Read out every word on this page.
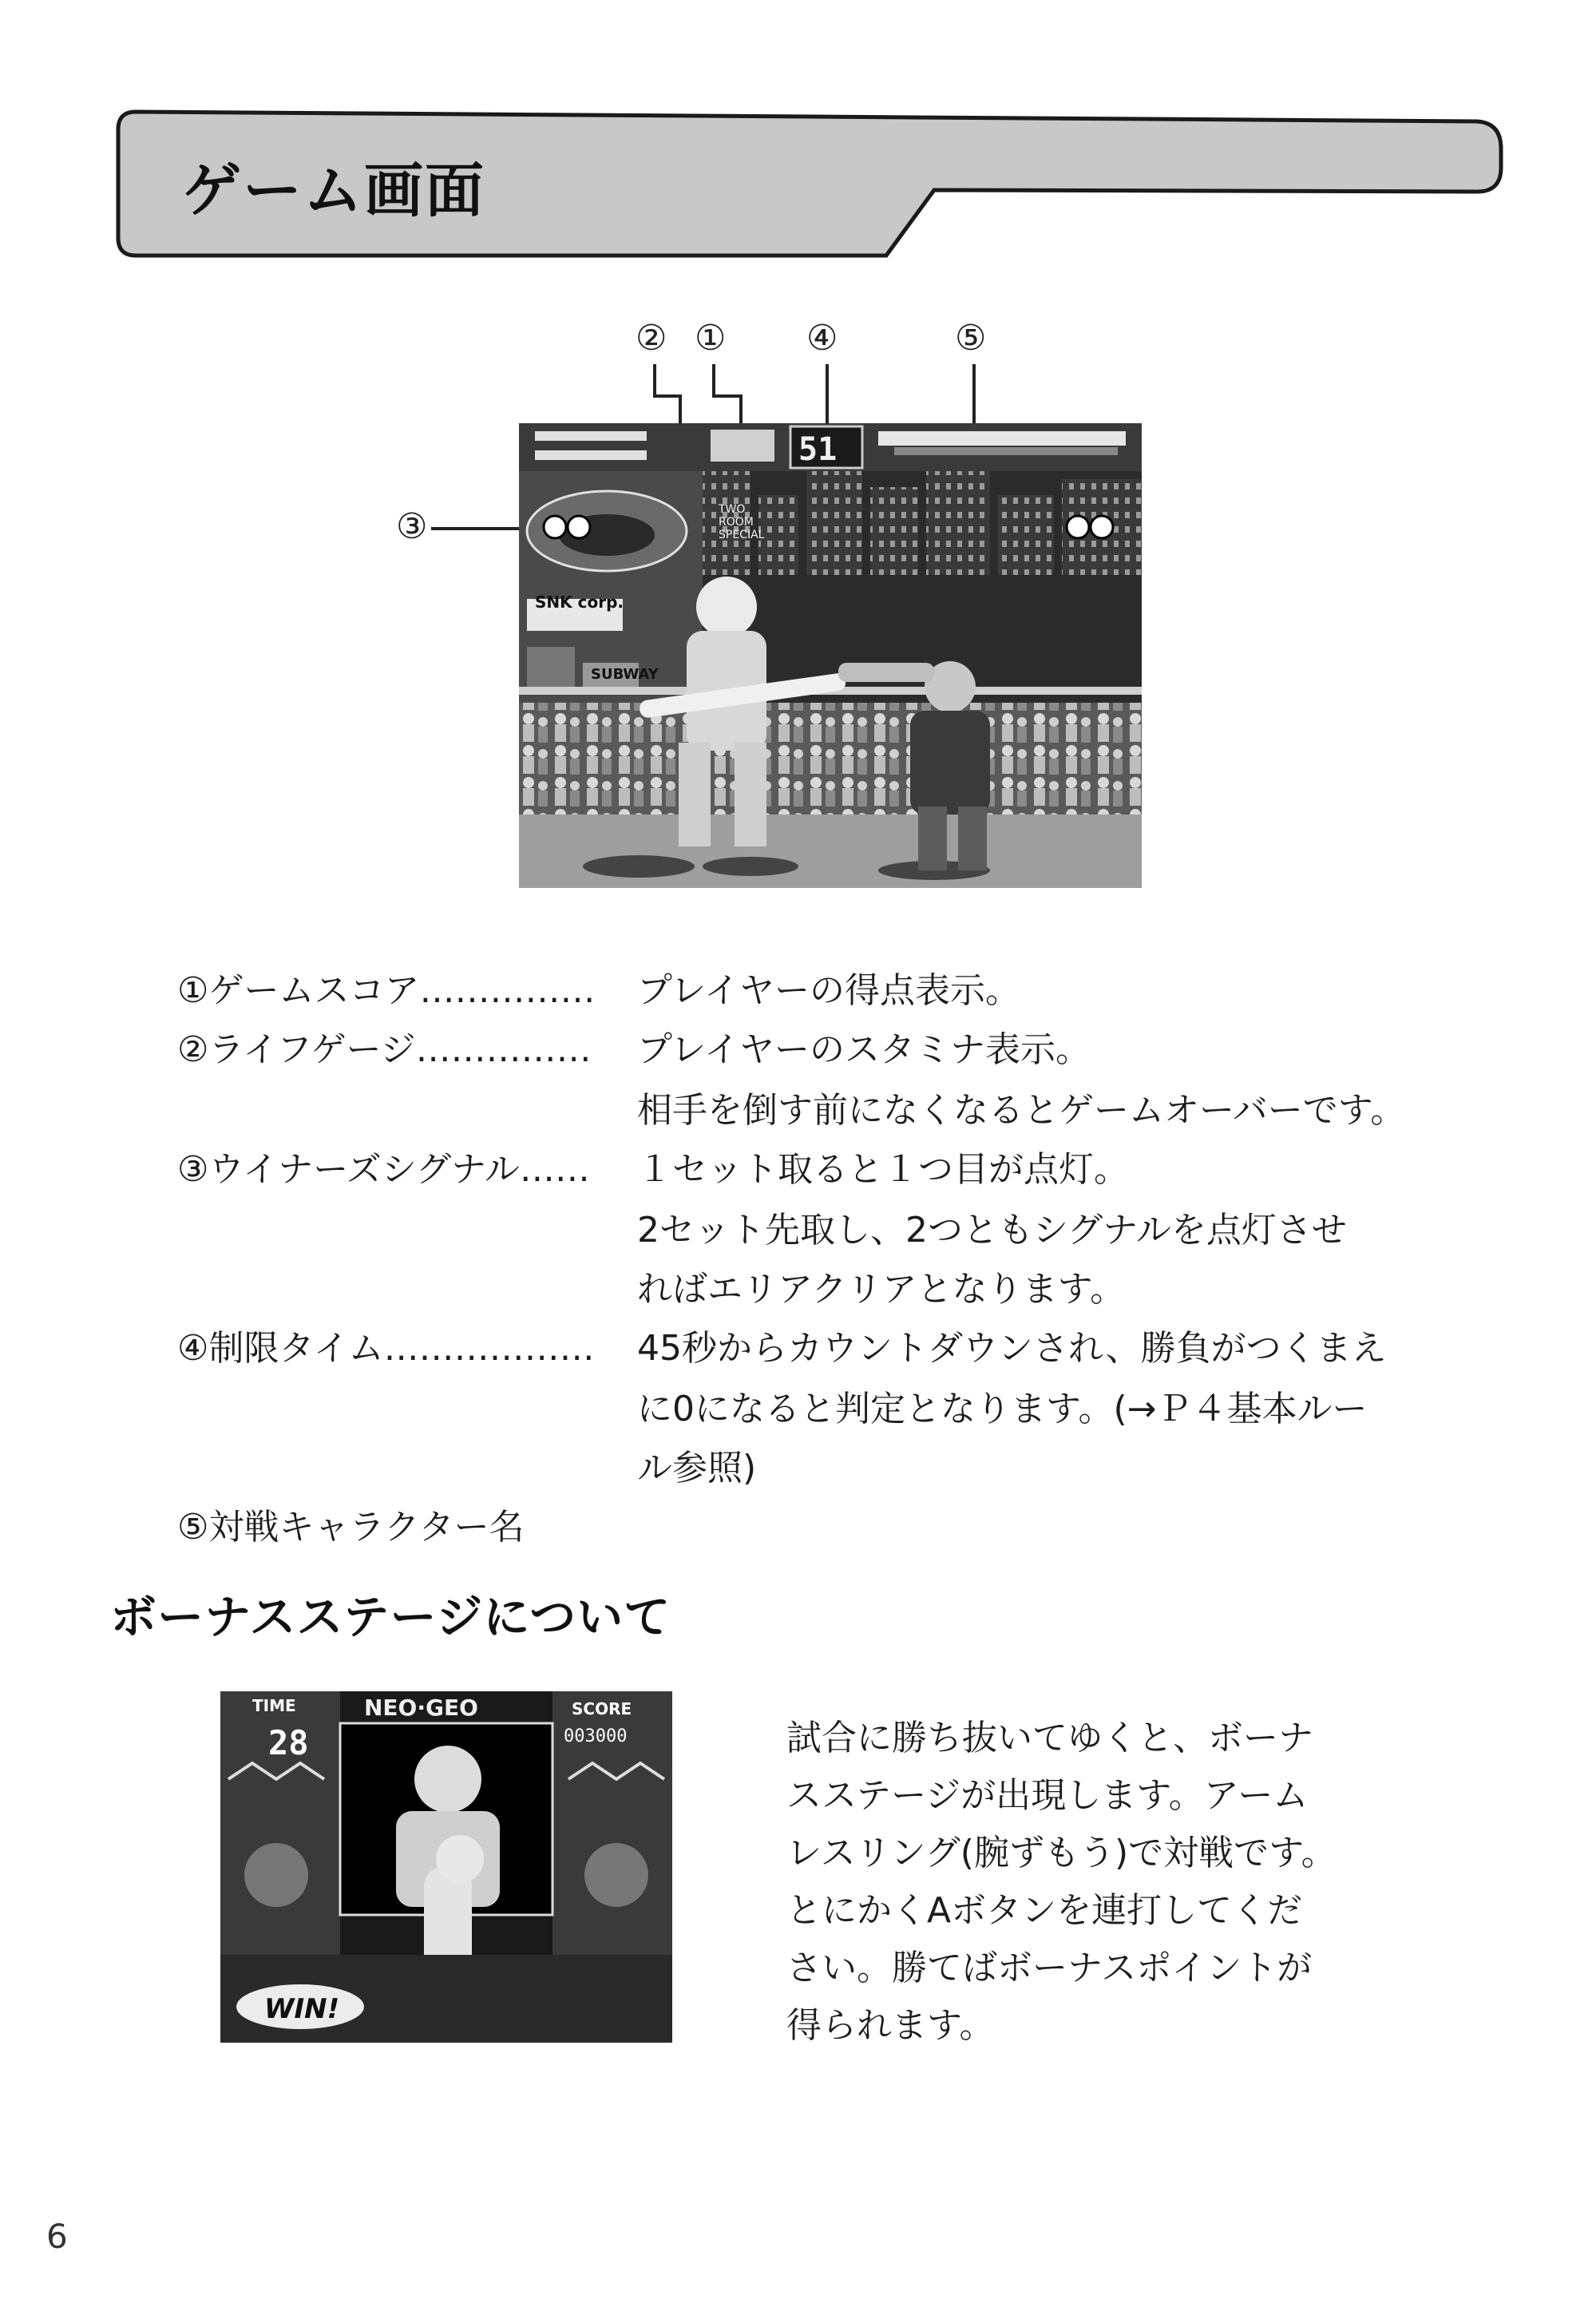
ゲーム画面
② ① ④	⑤
③
51
TWO
ROOM
SPECIAL
SNK corp.
SUBWAY
①ゲームスコア…………… プレイヤーの得点表示。
②ライフゲージ…………… プレイヤーのスタミナ表示。
相手を倒す前になくなるとゲームオーバーです。
③ウイナーズシグナル…… １セット取ると１つ目が点灯。
2セット先取し、2つともシグナルを点灯させ
ればエリアクリアとなります。
④制限タイム……………… 45秒からカウントダウンされ、勝負がつくまえ
に0になると判定となります。(→Ｐ４基本ルー
ル参照)
⑤対戦キャラクター名
ボーナスステージについて
TIME
28
NEO·GEO	SCORE
003000
WIN!
試合に勝ち抜いてゆくと、ボーナ
スステージが出現します。アーム
レスリング(腕ずもう)で対戦です。
とにかくAボタンを連打してくだ
さい。勝てばボーナスポイントが
得られます。
6
